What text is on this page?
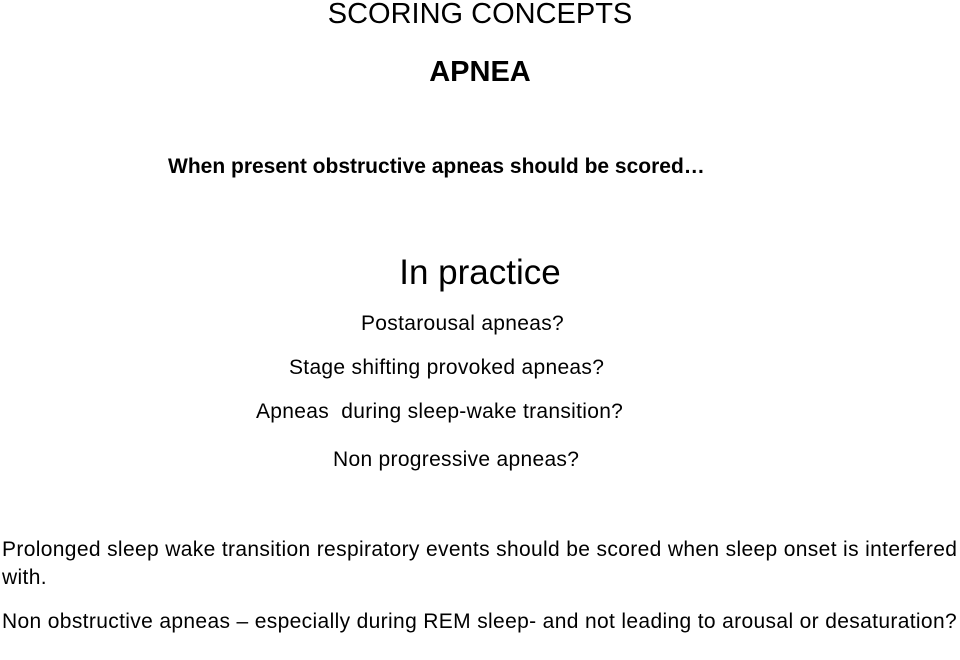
SCORING CONCEPTS
APNEA
When present obstructive apneas should be scored…
In practice
Postarousal apneas?
Stage shifting provoked apneas?
Apneas  during sleep-wake transition?
Non progressive apneas?
Prolonged sleep wake transition respiratory events should be scored when sleep onset is interfered with.
Non obstructive apneas – especially during REM sleep- and not leading to arousal or desaturation?
